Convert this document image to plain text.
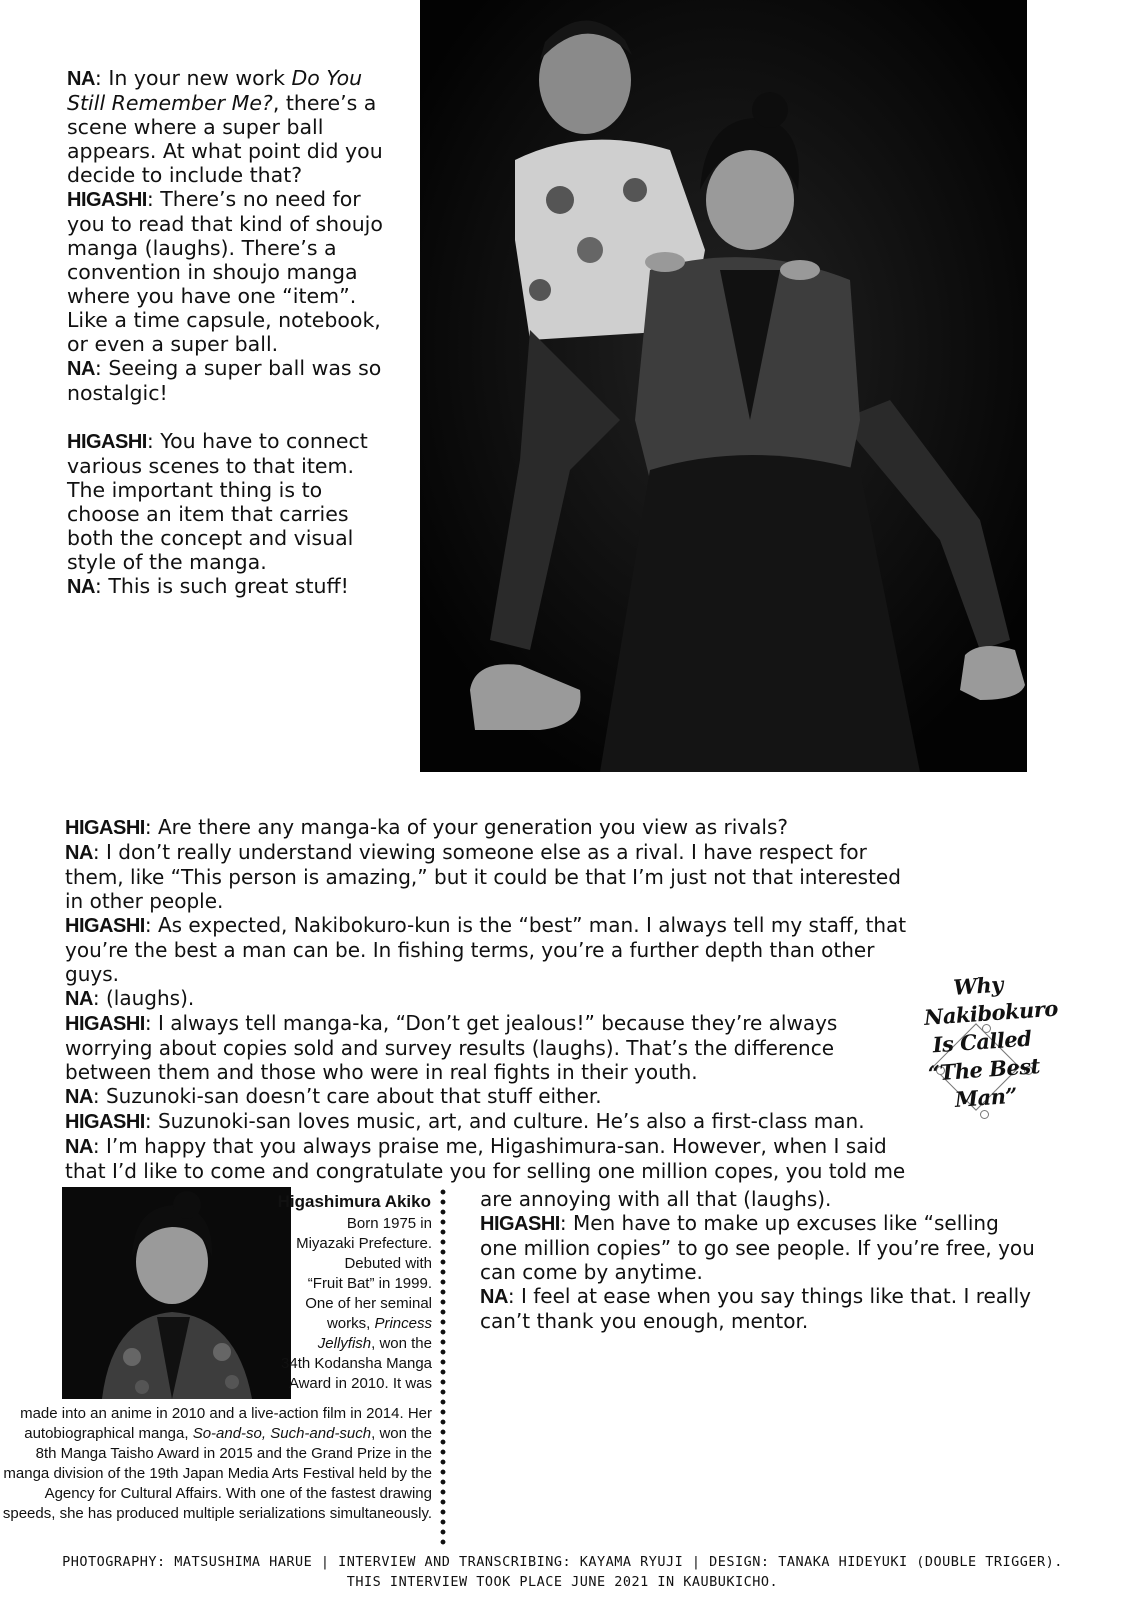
NA: In your new work Do You Still Remember Me?, there’s a scene where a super ball appears. At what point did you decide to include that?

HIGASHI: There’s no need for you to read that kind of shoujo manga (laughs). There’s a convention in shoujo manga where you have one “item”. Like a time capsule, notebook, or even a super ball.

NA: Seeing a super ball was so nostalgic!

HIGASHI: You have to connect various scenes to that item. The important thing is to choose an item that carries both the concept and visual style of the manga.

NA: This is such great stuff!

HIGASHI: Are there any manga-ka of your generation you view as rivals?

NA: I don’t really understand viewing someone else as a rival. I have respect for them, like “This person is amazing,” but it could be that I’m just not that interested in other people.

HIGASHI: As expected, Nakibokuro-kun is the “best” man. I always tell my staff, that you’re the best a man can be. In fishing terms, you’re a further depth than other guys.

NA: (laughs).

HIGASHI: I always tell manga-ka, “Don’t get jealous!” because they’re always worrying about copies sold and survey results (laughs). That’s the difference between them and those who were in real fights in their youth.

NA: Suzunoki-san doesn’t care about that stuff either.

HIGASHI: Suzunoki-san loves music, art, and culture. He’s also a first-class man.

NA: I’m happy that you always praise me, Higashimura-san. However, when I said that I’d like to come and congratulate you for selling one million copes, you told me

Why
Nakibokuro
Is Called
“The Best
Man”
Higashimura Akiko
Born 1975 in
Miyazaki Prefecture.
Debuted with
“Fruit Bat” in 1999.
One of her seminal
works, Princess
Jellyfish, won the
34th Kodansha Manga
Award in 2010. It was
made into an anime in 2010 and a live-action film in 2014. Her autobiographical manga, So-and-so, Such-and-such, won the 8th Manga Taisho Award in 2015 and the Grand Prize in the manga division of the 19th Japan Media Arts Festival held by the Agency for Cultural Affairs. With one of the fastest drawing speeds, she has produced multiple serializations simultaneously.

are annoying with all that (laughs).

HIGASHI: Men have to make up excuses like “selling one million copies” to go see people. If you’re free, you can come by anytime.

NA: I feel at ease when you say things like that. I really can’t thank you enough, mentor.

PHOTOGRAPHY: MATSUSHIMA HARUE | INTERVIEW AND TRANSCRIBING: KAYAMA RYUJI | DESIGN: TANAKA HIDEYUKI (DOUBLE TRIGGER).
THIS INTERVIEW TOOK PLACE JUNE 2021 IN KAUBUKICHO.
